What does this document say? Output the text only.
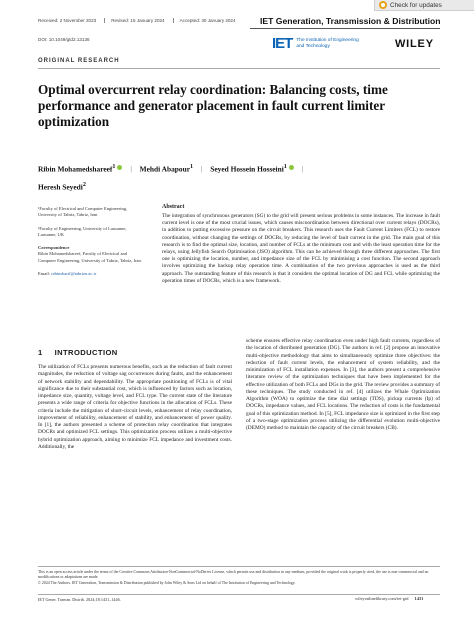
Check for updates
Received: 2 November 2023	Revised: 15 January 2024	Accepted: 30 January 2024
DOI: 10.1049/gtd2.13136
IET Generation, Transmission & Distribution
IET The Institution of Engineering and Technology	WILEY
ORIGINAL RESEARCH
Optimal overcurrent relay coordination: Balancing costs, time performance and generator placement in fault current limiter optimization
Ribin Mohamedshareef$^1$ | Mehdi Abapour$^1$ | Seyed Hossein Hosseini$^1$ |
Heresh Seyedi$^2$

¹Faculty of Electrical and Computer Engineering, University of Tabriz, Tabriz, Iran

²Faculty of Engineering, University of Lausanne, Lausanne, UK

Correspondence

Ribin Mohamedshareef, Faculty of Electrical and Computer Engineering, University of Tabriz, Tabriz, Iran.

Email: rebinsharif@tabrizu.ac.ir

Abstract
The integration of synchronous generators (SG) to the grid will present serious problems in some instances. The increase in fault current level is one of the most crucial issues, which causes miscoordination between directional over current relays (DOCRs), in addition to putting excessive pressure on the circuit breakers. This research uses the Fault Current Limiters (FCL) to restore coordination, without changing the settings of DOCRs, by reducing the level of fault current in the grid. The main goal of this research is to find the optimal size, location, and number of FCLs at the minimum cost and with the least operation time for the relays, using Jellyfish Search Optimisation (JSO) algorithm. This can be achieved through three different approaches. The first one is optimizing the location, number, and impedance size of the FCL by minimising a cost function. The second approach involves optimizing the backup relay operation time. A combination of the two previous approaches is used as the third approach. The outstanding feature of this research is that it considers the optimal location of DG and FCL while optimizing the operation times of DOCRs, which is a new framework.
1 INTRODUCTION

The utilization of FCLs presents numerous benefits, such as the reduction of fault current magnitudes, the reduction of voltage sag occurrences during faults, and the enhancement of network stability and dependability. The appropriate positioning of FCLs is of vital significance due to their substantial cost, which is influenced by factors such as location, impedance size, quantity, voltage level, and FCL type. The current state of the literature presents a wide range of criteria for objective functions in the allocation of FCLs. These criteria include the mitigation of short-circuit levels, enhancement of relay coordination, improvement of reliability, enhancement of stability, and enhancement of power quality. In [1], the authors presented a scheme of protection relay coordination that integrates DOCRs and optimized FCL settings. This optimization process utilizes a multi-objective hybrid optimization approach, aiming to minimize FCL impedance and investment costs. Additionally, the

scheme ensures effective relay coordination even under high fault currents, regardless of the location of distributed generation (DG). The authors in ref. [2] propose an innovative multi-objective methodology that aims to simultaneously optimize three objectives: the reduction of fault current levels, the enhancement of system reliability, and the minimization of FCL installation expenses. In [3], the authors present a comprehensive literature review of the optimization techniques that have been implemented for the effective utilization of both FCLs and DGs in the grid. The review provides a summary of these techniques. The study conducted in ref. [4] utilizes the Whale Optimization Algorithm (WOA) to optimize the time dial settings (TDS), pickup currents (Ip) of DOCRs, impedance values, and FCL locations. The reduction of costs is the fundamental goal of this optimization method. In [5], FCL impedance size is optimized in the first step of a two-stage optimization process utilizing the differential evolution multi-objective (DEMO) method to maintain the capacity of the circuit breakers (CB).

This is an open access article under the terms of the Creative Commons Attribution-NonCommercial-NoDerivs License, which permits use and distribution in any medium, provided the original work is properly cited, the use is non-commercial and no modifications or adaptations are made.
© 2024 The Authors. IET Generation, Transmission & Distribution published by John Wiley & Sons Ltd on behalf of The Institution of Engineering and Technology.
IET Gener. Transm. Distrib. 2024;18:1431–1446.	wileyonlinelibrary.com/iet-gtd 1431
